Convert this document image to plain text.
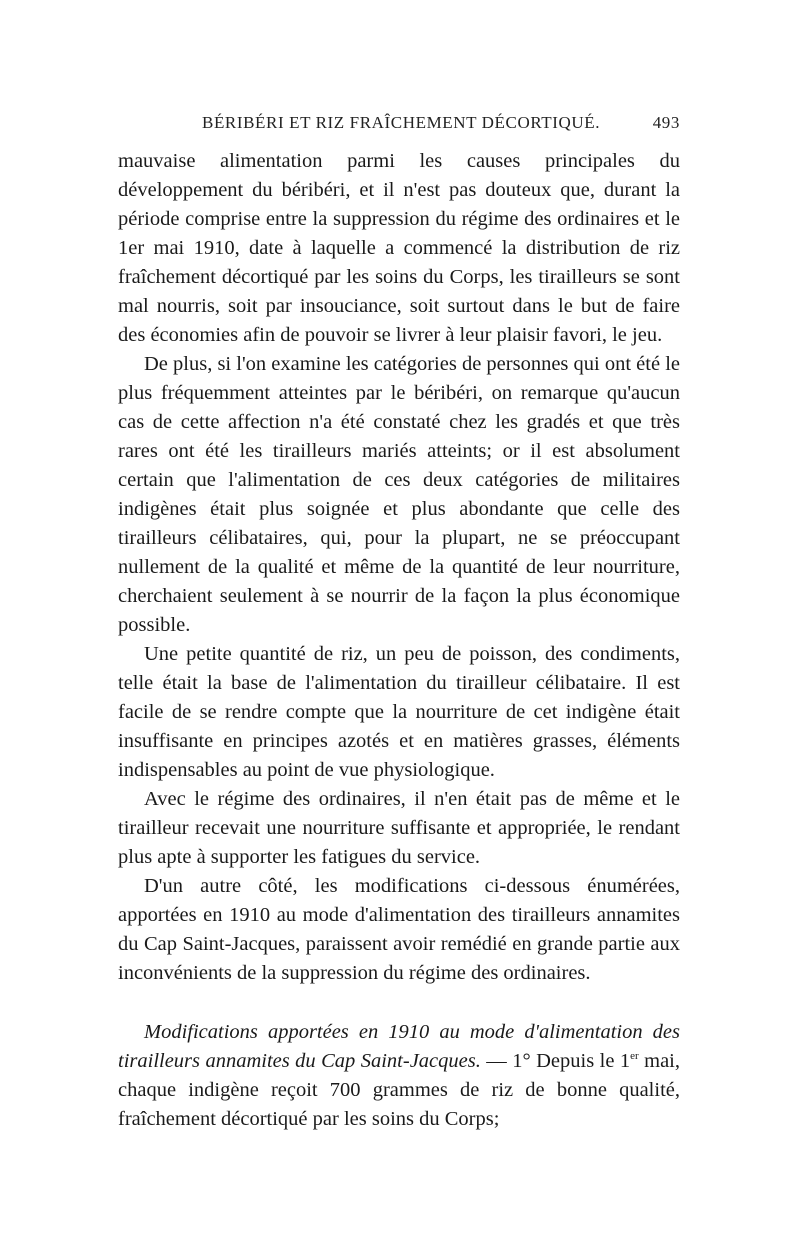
BÉRIBÉRI ET RIZ FRAÎCHEMENT DÉCORTIQUÉ.	493

mauvaise alimentation parmi les causes principales du développement du béribéri, et il n'est pas douteux que, durant la période comprise entre la suppression du régime des ordinaires et le 1er mai 1910, date à laquelle a commencé la distribution de riz fraîchement décortiqué par les soins du Corps, les tirailleurs se sont mal nourris, soit par insouciance, soit surtout dans le but de faire des économies afin de pouvoir se livrer à leur plaisir favori, le jeu.

De plus, si l'on examine les catégories de personnes qui ont été le plus fréquemment atteintes par le béribéri, on remarque qu'aucun cas de cette affection n'a été constaté chez les gradés et que très rares ont été les tirailleurs mariés atteints; or il est absolument certain que l'alimentation de ces deux catégories de militaires indigènes était plus soignée et plus abondante que celle des tirailleurs célibataires, qui, pour la plupart, ne se préoccupant nullement de la qualité et même de la quantité de leur nourriture, cherchaient seulement à se nourrir de la façon la plus économique possible.

Une petite quantité de riz, un peu de poisson, des condiments, telle était la base de l'alimentation du tirailleur célibataire. Il est facile de se rendre compte que la nourriture de cet indigène était insuffisante en principes azotés et en matières grasses, éléments indispensables au point de vue physiologique.

Avec le régime des ordinaires, il n'en était pas de même et le tirailleur recevait une nourriture suffisante et appropriée, le rendant plus apte à supporter les fatigues du service.

D'un autre côté, les modifications ci-dessous énumérées, apportées en 1910 au mode d'alimentation des tirailleurs annamites du Cap Saint-Jacques, paraissent avoir remédié en grande partie aux inconvénients de la suppression du régime des ordinaires.

Modifications apportées en 1910 au mode d'alimentation des tirailleurs annamites du Cap Saint-Jacques. — 1° Depuis le 1er mai, chaque indigène reçoit 700 grammes de riz de bonne qualité, fraîchement décortiqué par les soins du Corps;
